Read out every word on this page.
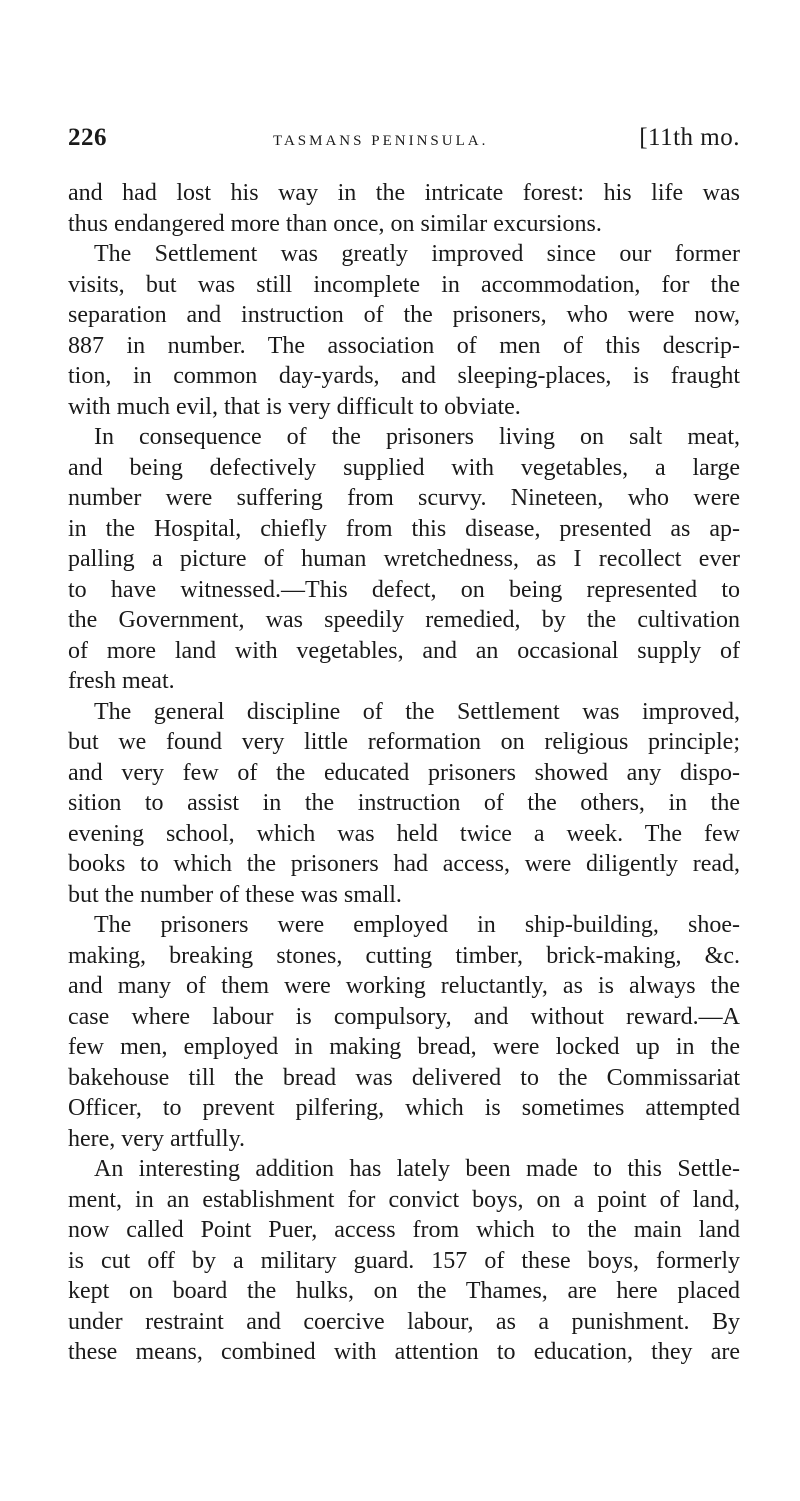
226	TASMANS PENINSULA.	[11th mo.
and had lost his way in the intricate forest: his life was
thus endangered more than once, on similar excursions.
The Settlement was greatly improved since our former
visits, but was still incomplete in accommodation, for the
separation and instruction of the prisoners, who were now,
887 in number. The association of men of this descrip-
tion, in common day-yards, and sleeping-places, is fraught
with much evil, that is very difficult to obviate.
In consequence of the prisoners living on salt meat,
and being defectively supplied with vegetables, a large
number were suffering from scurvy. Nineteen, who were
in the Hospital, chiefly from this disease, presented as ap-
palling a picture of human wretchedness, as I recollect ever
to have witnessed.—This defect, on being represented to
the Government, was speedily remedied, by the cultivation
of more land with vegetables, and an occasional supply of
fresh meat.
The general discipline of the Settlement was improved,
but we found very little reformation on religious principle;
and very few of the educated prisoners showed any dispo-
sition to assist in the instruction of the others, in the
evening school, which was held twice a week. The few
books to which the prisoners had access, were diligently read,
but the number of these was small.
The prisoners were employed in ship-building, shoe-
making, breaking stones, cutting timber, brick-making, &c.
and many of them were working reluctantly, as is always the
case where labour is compulsory, and without reward.—A
few men, employed in making bread, were locked up in the
bakehouse till the bread was delivered to the Commissariat
Officer, to prevent pilfering, which is sometimes attempted
here, very artfully.
An interesting addition has lately been made to this Settle-
ment, in an establishment for convict boys, on a point of land,
now called Point Puer, access from which to the main land
is cut off by a military guard. 157 of these boys, formerly
kept on board the hulks, on the Thames, are here placed
under restraint and coercive labour, as a punishment. By
these means, combined with attention to education, they are
